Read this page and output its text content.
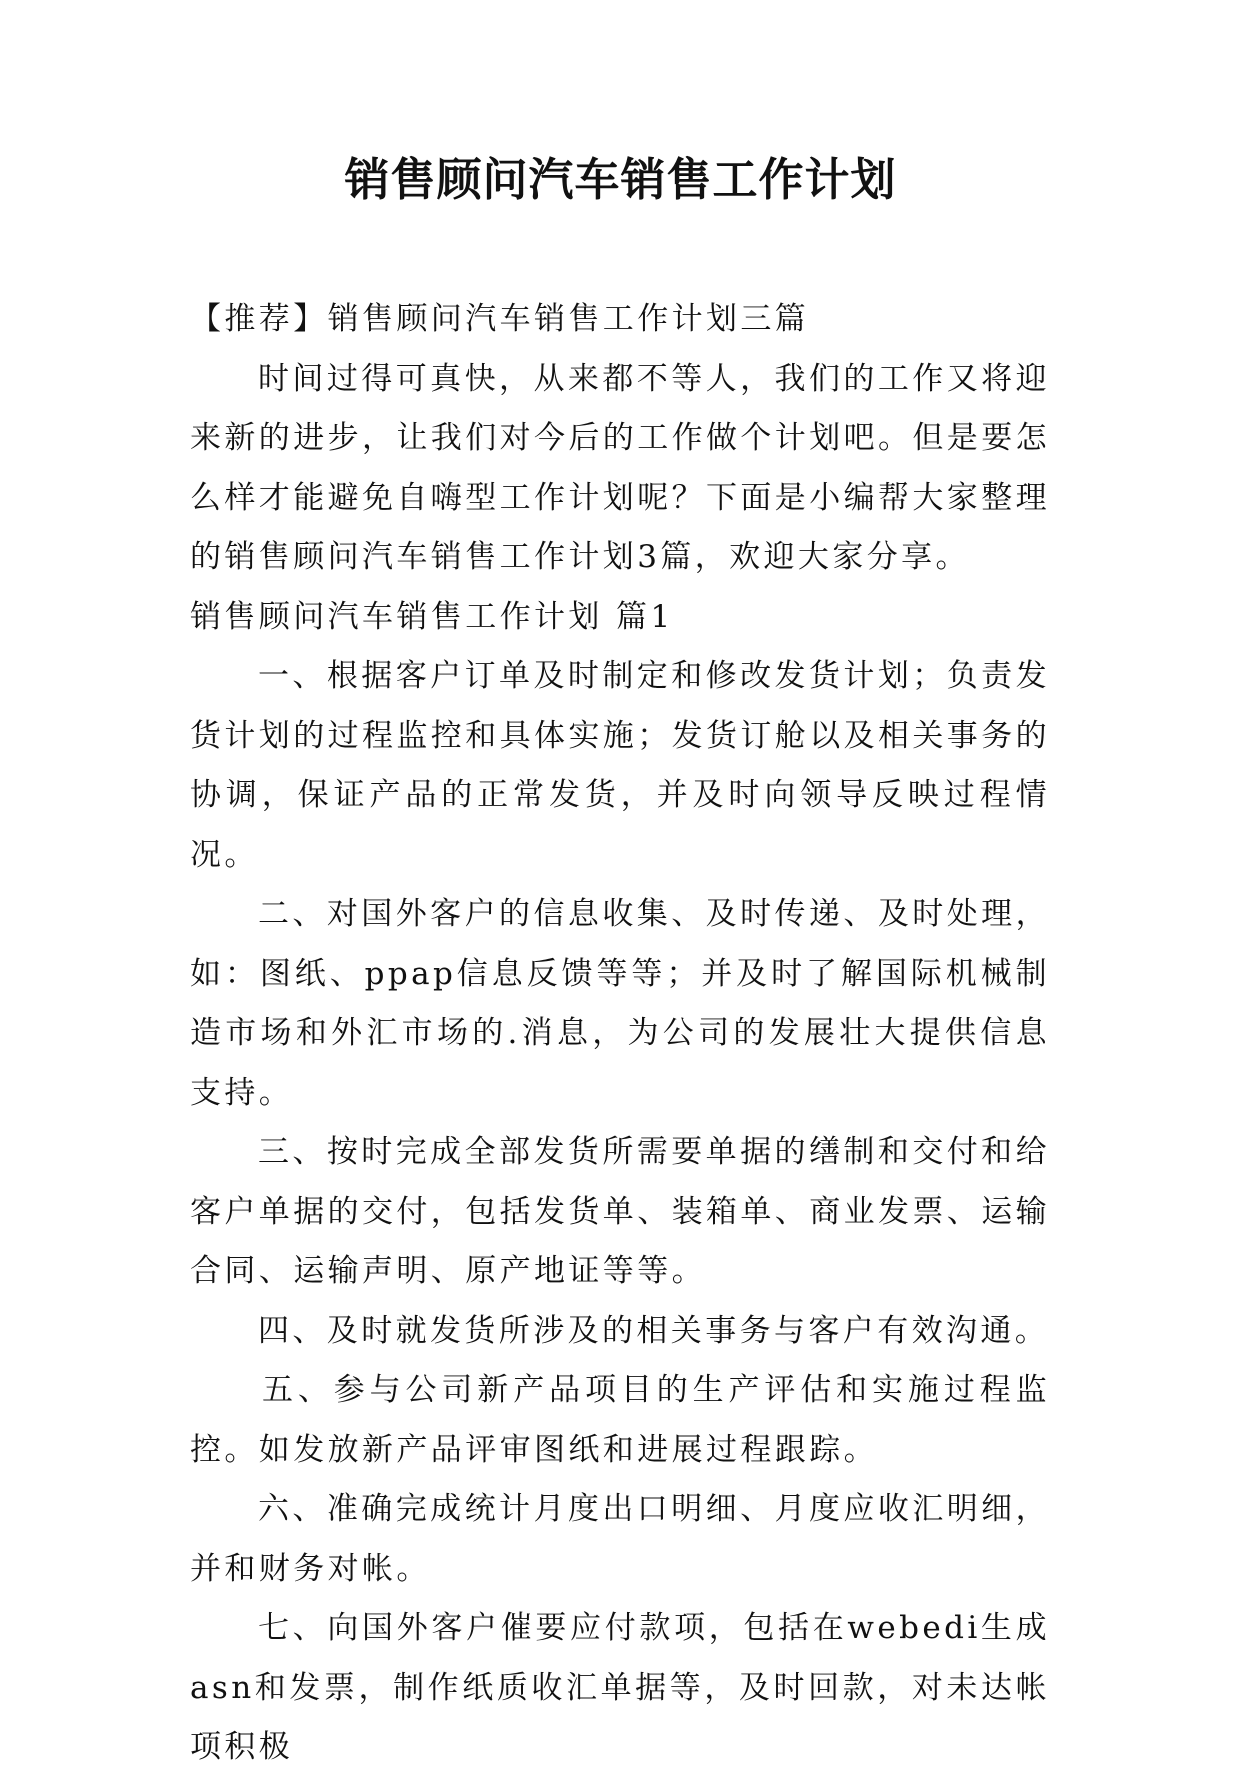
销售顾问汽车销售工作计划

【推荐】销售顾问汽车销售工作计划三篇

时间过得可真快，从来都不等人，我们的工作又将迎来新的进步，让我们对今后的工作做个计划吧。但是要怎么样才能避免自嗨型工作计划呢？下面是小编帮大家整理的销售顾问汽车销售工作计划3篇，欢迎大家分享。

销售顾问汽车销售工作计划 篇1

一、根据客户订单及时制定和修改发货计划；负责发货计划的过程监控和具体实施；发货订舱以及相关事务的协调，保证产品的正常发货，并及时向领导反映过程情况。

二、对国外客户的信息收集、及时传递、及时处理，如：图纸、ppap信息反馈等等；并及时了解国际机械制造市场和外汇市场的.消息，为公司的发展壮大提供信息支持。

三、按时完成全部发货所需要单据的缮制和交付和给客户单据的交付，包括发货单、装箱单、商业发票、运输合同、运输声明、原产地证等等。

四、及时就发货所涉及的相关事务与客户有效沟通。

五、参与公司新产品项目的生产评估和实施过程监控。如发放新产品评审图纸和进展过程跟踪。

六、准确完成统计月度出口明细、月度应收汇明细，并和财务对帐。

七、向国外客户催要应付款项，包括在webedi生成asn和发票，制作纸质收汇单据等，及时回款，对未达帐项积极
